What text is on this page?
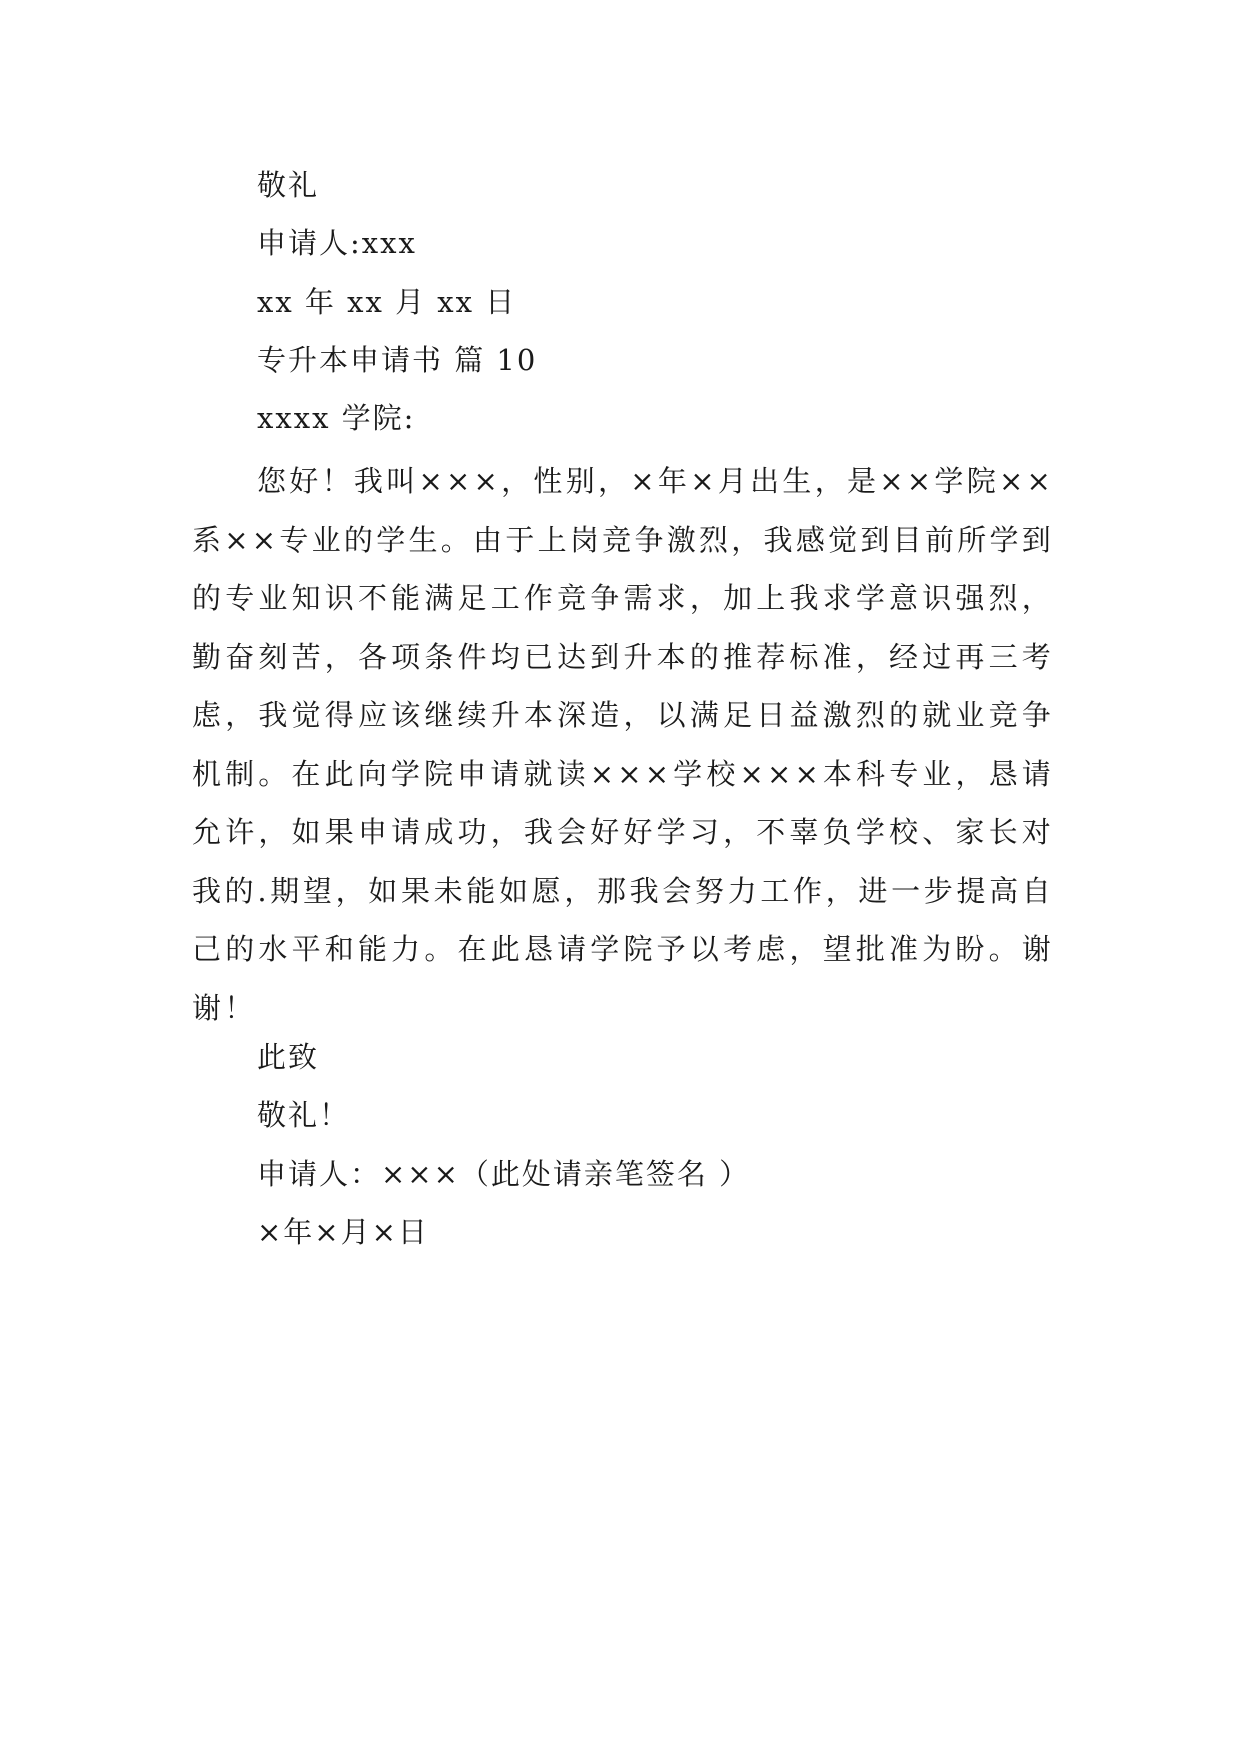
敬礼
申请人:xxx
xx 年 xx 月 xx 日
专升本申请书 篇 10
xxxx 学院:

您好！我叫×××，性别，×年×月出生，是××学院××系××专业的学生。由于上岗竞争激烈，我感觉到目前所学到的专业知识不能满足工作竞争需求，加上我求学意识强烈，勤奋刻苦，各项条件均已达到升本的推荐标准，经过再三考虑，我觉得应该继续升本深造，以满足日益激烈的就业竞争机制。在此向学院申请就读×××学校×××本科专业，恳请允许，如果申请成功，我会好好学习，不辜负学校、家长对我的.期望，如果未能如愿，那我会努力工作，进一步提高自己的水平和能力。在此恳请学院予以考虑，望批准为盼。谢谢！

此致
敬礼！
申请人：×××（此处请亲笔签名 ）
×年×月×日
